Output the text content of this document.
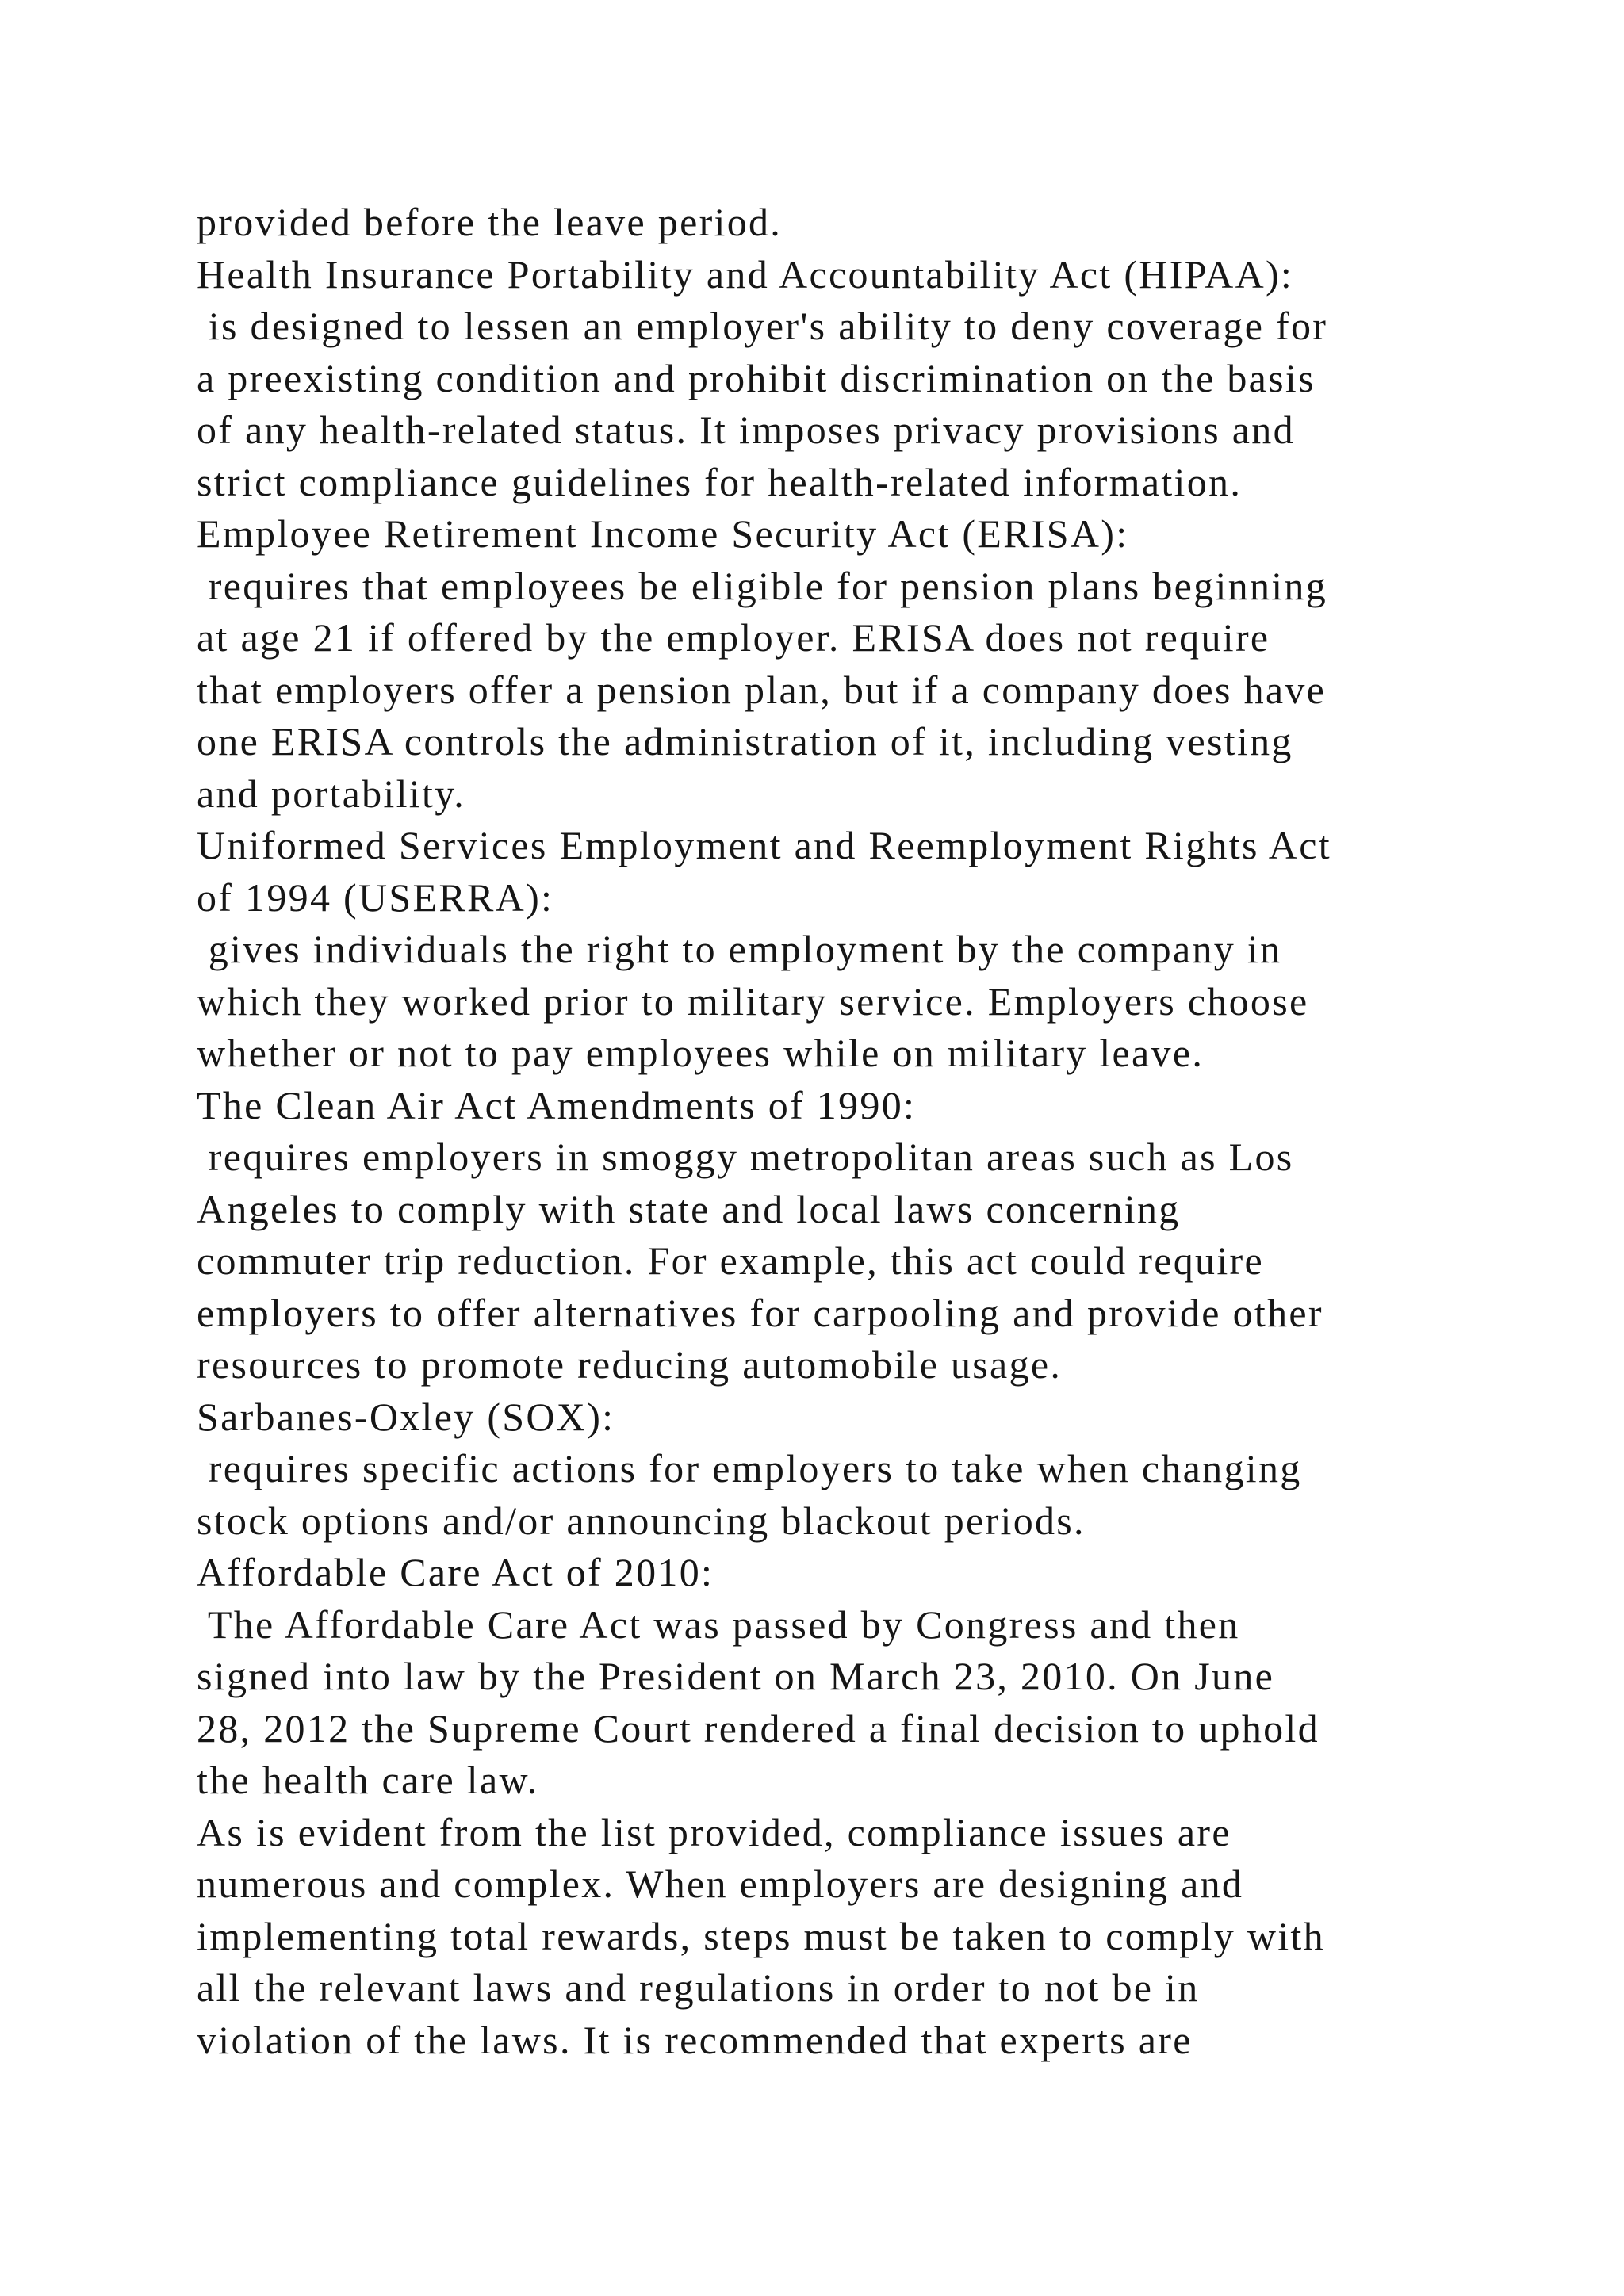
provided before the leave period.
Health Insurance Portability and Accountability Act (HIPAA):
is designed to lessen an employer's ability to deny coverage for
a preexisting condition and prohibit discrimination on the basis
of any health-related status. It imposes privacy provisions and
strict compliance guidelines for health-related information.
Employee Retirement Income Security Act (ERISA):
requires that employees be eligible for pension plans beginning
at age 21 if offered by the employer. ERISA does not require
that employers offer a pension plan, but if a company does have
one ERISA controls the administration of it, including vesting
and portability.
Uniformed Services Employment and Reemployment Rights Act
of 1994 (USERRA):
gives individuals the right to employment by the company in
which they worked prior to military service. Employers choose
whether or not to pay employees while on military leave.
The Clean Air Act Amendments of 1990:
requires employers in smoggy metropolitan areas such as Los
Angeles to comply with state and local laws concerning
commuter trip reduction. For example, this act could require
employers to offer alternatives for carpooling and provide other
resources to promote reducing automobile usage.
Sarbanes-Oxley (SOX):
requires specific actions for employers to take when changing
stock options and/or announcing blackout periods.
Affordable Care Act of 2010:
The Affordable Care Act was passed by Congress and then
signed into law by the President on March 23, 2010. On June
28, 2012 the Supreme Court rendered a final decision to uphold
the health care law.
As is evident from the list provided, compliance issues are
numerous and complex. When employers are designing and
implementing total rewards, steps must be taken to comply with
all the relevant laws and regulations in order to not be in
violation of the laws. It is recommended that experts are
